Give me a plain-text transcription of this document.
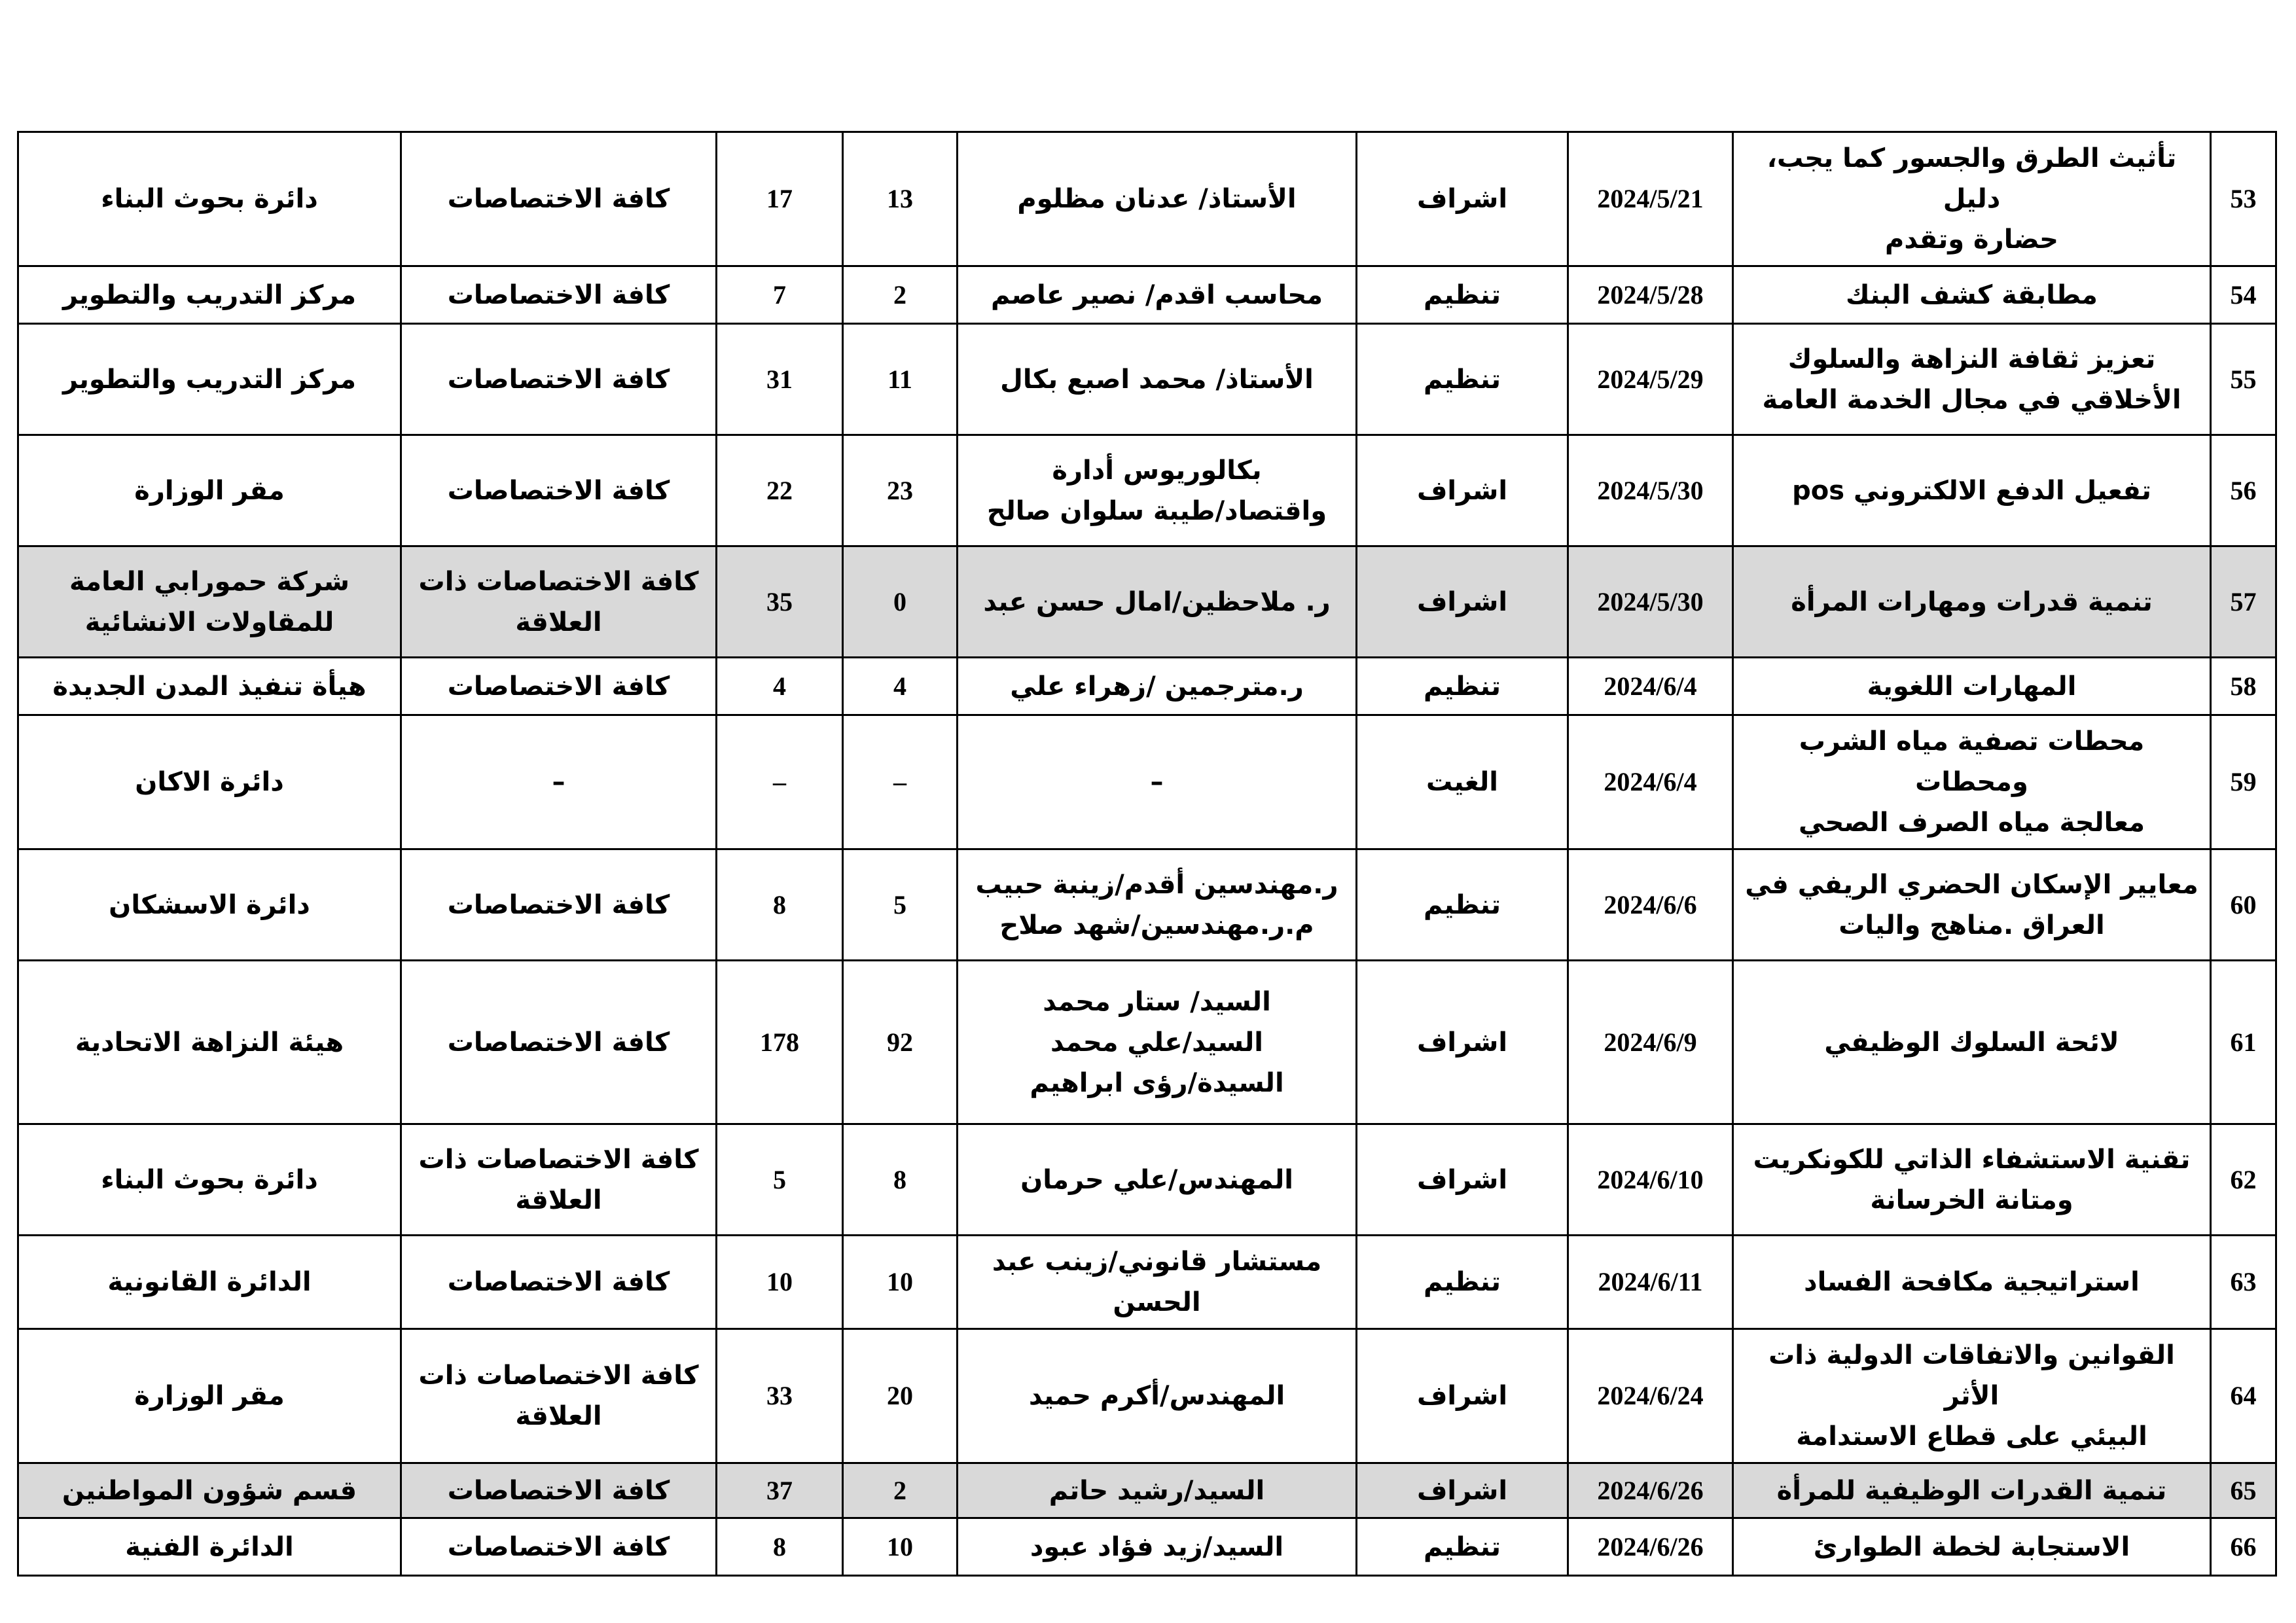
53	تأثيث الطرق والجسور كما يجب، دليل
حضارة وتقدم	2024/5/21	اشراف	الأستاذ/ عدنان مظلوم	13	17	كافة الاختصاصات	دائرة بحوث البناء

54	مطابقة كشف البنك	2024/5/28	تنظيم	محاسب اقدم/ نصير عاصم	2	7	كافة الاختصاصات	مركز التدريب والتطوير

55	تعزيز ثقافة النزاهة والسلوك
الأخلاقي في مجال الخدمة العامة	2024/5/29	تنظيم	الأستاذ/ محمد اصبع بكال	11	31	كافة الاختصاصات	مركز التدريب والتطوير

56	تفعيل الدفع الالكتروني pos	2024/5/30	اشراف	بكالوريوس أدارة
واقتصاد/طيبة سلوان صالح	23	22	كافة الاختصاصات	مقر الوزارة

57	تنمية قدرات ومهارات المرأة	2024/5/30	اشراف	ر. ملاحظين/امال حسن عبد	0	35	كافة الاختصاصات ذات
العلاقة	شركة حمورابي العامة
للمقاولات الانشائية

58	المهارات اللغوية	2024/6/4	تنظيم	ر.مترجمين /زهراء علي	4	4	كافة الاختصاصات	هيأة تنفيذ المدن الجديدة

59	محطات تصفية مياه الشرب ومحطات
معالجة مياه الصرف الصحي	2024/6/4	الغيت	–	–	–	–	دائرة الاكان

60	معايير الإسكان الحضري الريفي في
العراق .مناهج واليات	2024/6/6	تنظيم	ر.مهندسين أقدم/زينبة حبيب
م.ر.مهندسين/شهد صلاح	5	8	كافة الاختصاصات	دائرة الاسشكان

61	لائحة السلوك الوظيفي	2024/6/9	اشراف	السيد/ ستار محمد
السيد/علي محمد
السيدة/رؤى ابراهيم	92	178	كافة الاختصاصات	هيئة النزاهة الاتحادية

62	تقنية الاستشفاء الذاتي للكونكريت
ومتانة الخرسانة	2024/6/10	اشراف	المهندس/علي حرمان	8	5	كافة الاختصاصات ذات
العلاقة	دائرة بحوث البناء

63	استراتيجية مكافحة الفساد	2024/6/11	تنظيم	مستشار قانوني/زينب عبد الحسن	10	10	كافة الاختصاصات	الدائرة القانونية

64	القوانين والاتفاقات الدولية ذات الأثر
البيئي على قطاع الاستدامة	2024/6/24	اشراف	المهندس/أكرم حميد	20	33	كافة الاختصاصات ذات
العلاقة	مقر الوزارة

65	تنمية القدرات الوظيفية للمرأة	2024/6/26	اشراف	السيد/رشيد حاتم	2	37	كافة الاختصاصات	قسم شؤون المواطنين

66	الاستجابة لخطة الطوارئ	2024/6/26	تنظيم	السيد/زيد فؤاد عبود	10	8	كافة الاختصاصات	الدائرة الفنية
